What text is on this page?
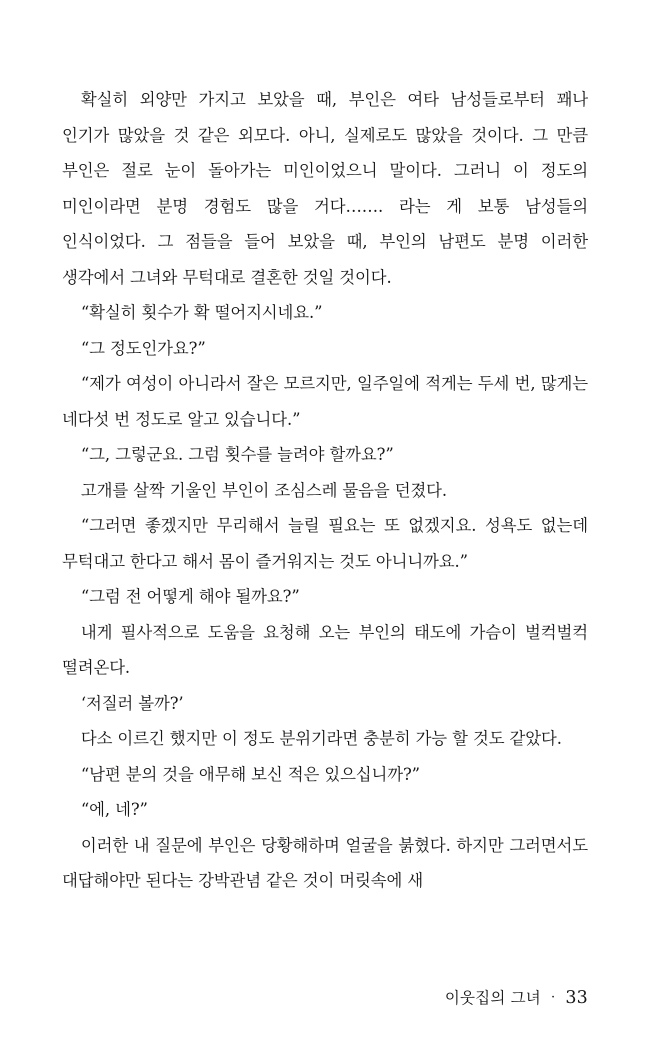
확실히 외양만 가지고 보았을 때, 부인은 여타 남성들로부터 꽤나 인기가 많았을 것 같은 외모다. 아니, 실제로도 많았을 것이다. 그 만큼 부인은 절로 눈이 돌아가는 미인이었으니 말이다. 그러니 이 정도의 미인이라면 분명 경험도 많을 거다……. 라는 게 보통 남성들의 인식이었다. 그 점들을 들어 보았을 때, 부인의 남편도 분명 이러한 생각에서 그녀와 무턱대로 결혼한 것일 것이다.

“확실히 횟수가 확 떨어지시네요.”

“그 정도인가요?”

“제가 여성이 아니라서 잘은 모르지만, 일주일에 적게는 두세 번, 많게는 네다섯 번 정도로 알고 있습니다.”

“그, 그렇군요. 그럼 횟수를 늘려야 할까요?”

고개를 살짝 기울인 부인이 조심스레 물음을 던졌다.

“그러면 좋겠지만 무리해서 늘릴 필요는 또 없겠지요. 성욕도 없는데 무턱대고 한다고 해서 몸이 즐거워지는 것도 아니니까요.”

“그럼 전 어떻게 해야 될까요?”

내게 필사적으로 도움을 요청해 오는 부인의 태도에 가슴이 벌컥벌컥 떨려온다.

‘저질러 볼까?’

다소 이르긴 했지만 이 정도 분위기라면 충분히 가능 할 것도 같았다.

“남편 분의 것을 애무해 보신 적은 있으십니까?”

“에, 네?”

이러한 내 질문에 부인은 당황해하며 얼굴을 붉혔다. 하지만 그러면서도 대답해야만 된다는 강박관념 같은 것이 머릿속에 새

이웃집의 그녀 · 33
